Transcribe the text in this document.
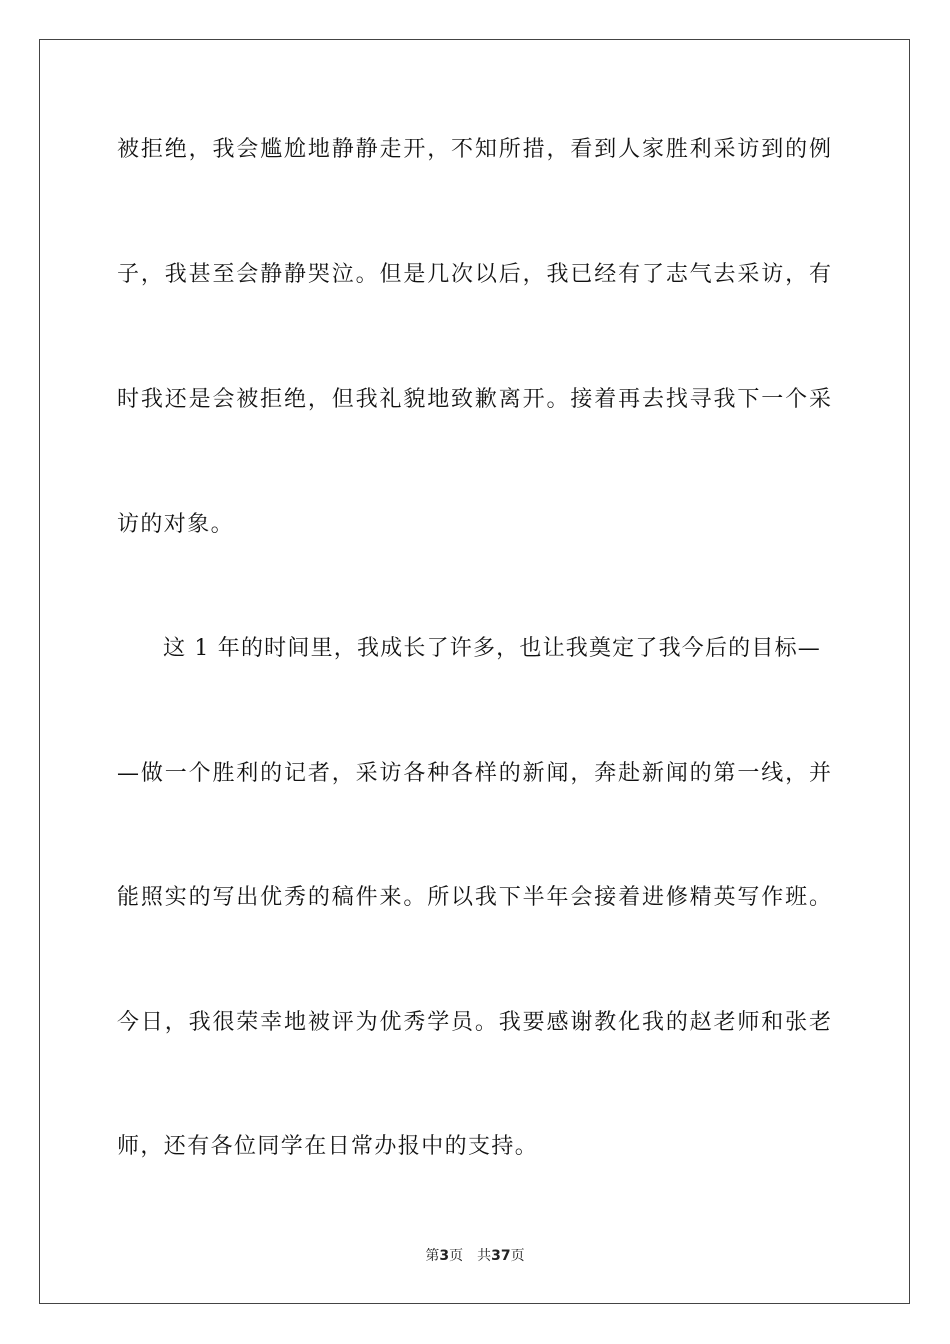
被拒绝，我会尴尬地静静走开，不知所措，看到人家胜利采访到的例
子，我甚至会静静哭泣。但是几次以后，我已经有了志气去采访，有
时我还是会被拒绝，但我礼貌地致歉离开。接着再去找寻我下一个采
访的对象。
这 1 年的时间里，我成长了许多，也让我奠定了我今后的目标—
—做一个胜利的记者，采访各种各样的新闻，奔赴新闻的第一线，并
能照实的写出优秀的稿件来。所以我下半年会接着进修精英写作班。
今日，我很荣幸地被评为优秀学员。我要感谢教化我的赵老师和张老
师，还有各位同学在日常办报中的支持。
第3页 共37页
